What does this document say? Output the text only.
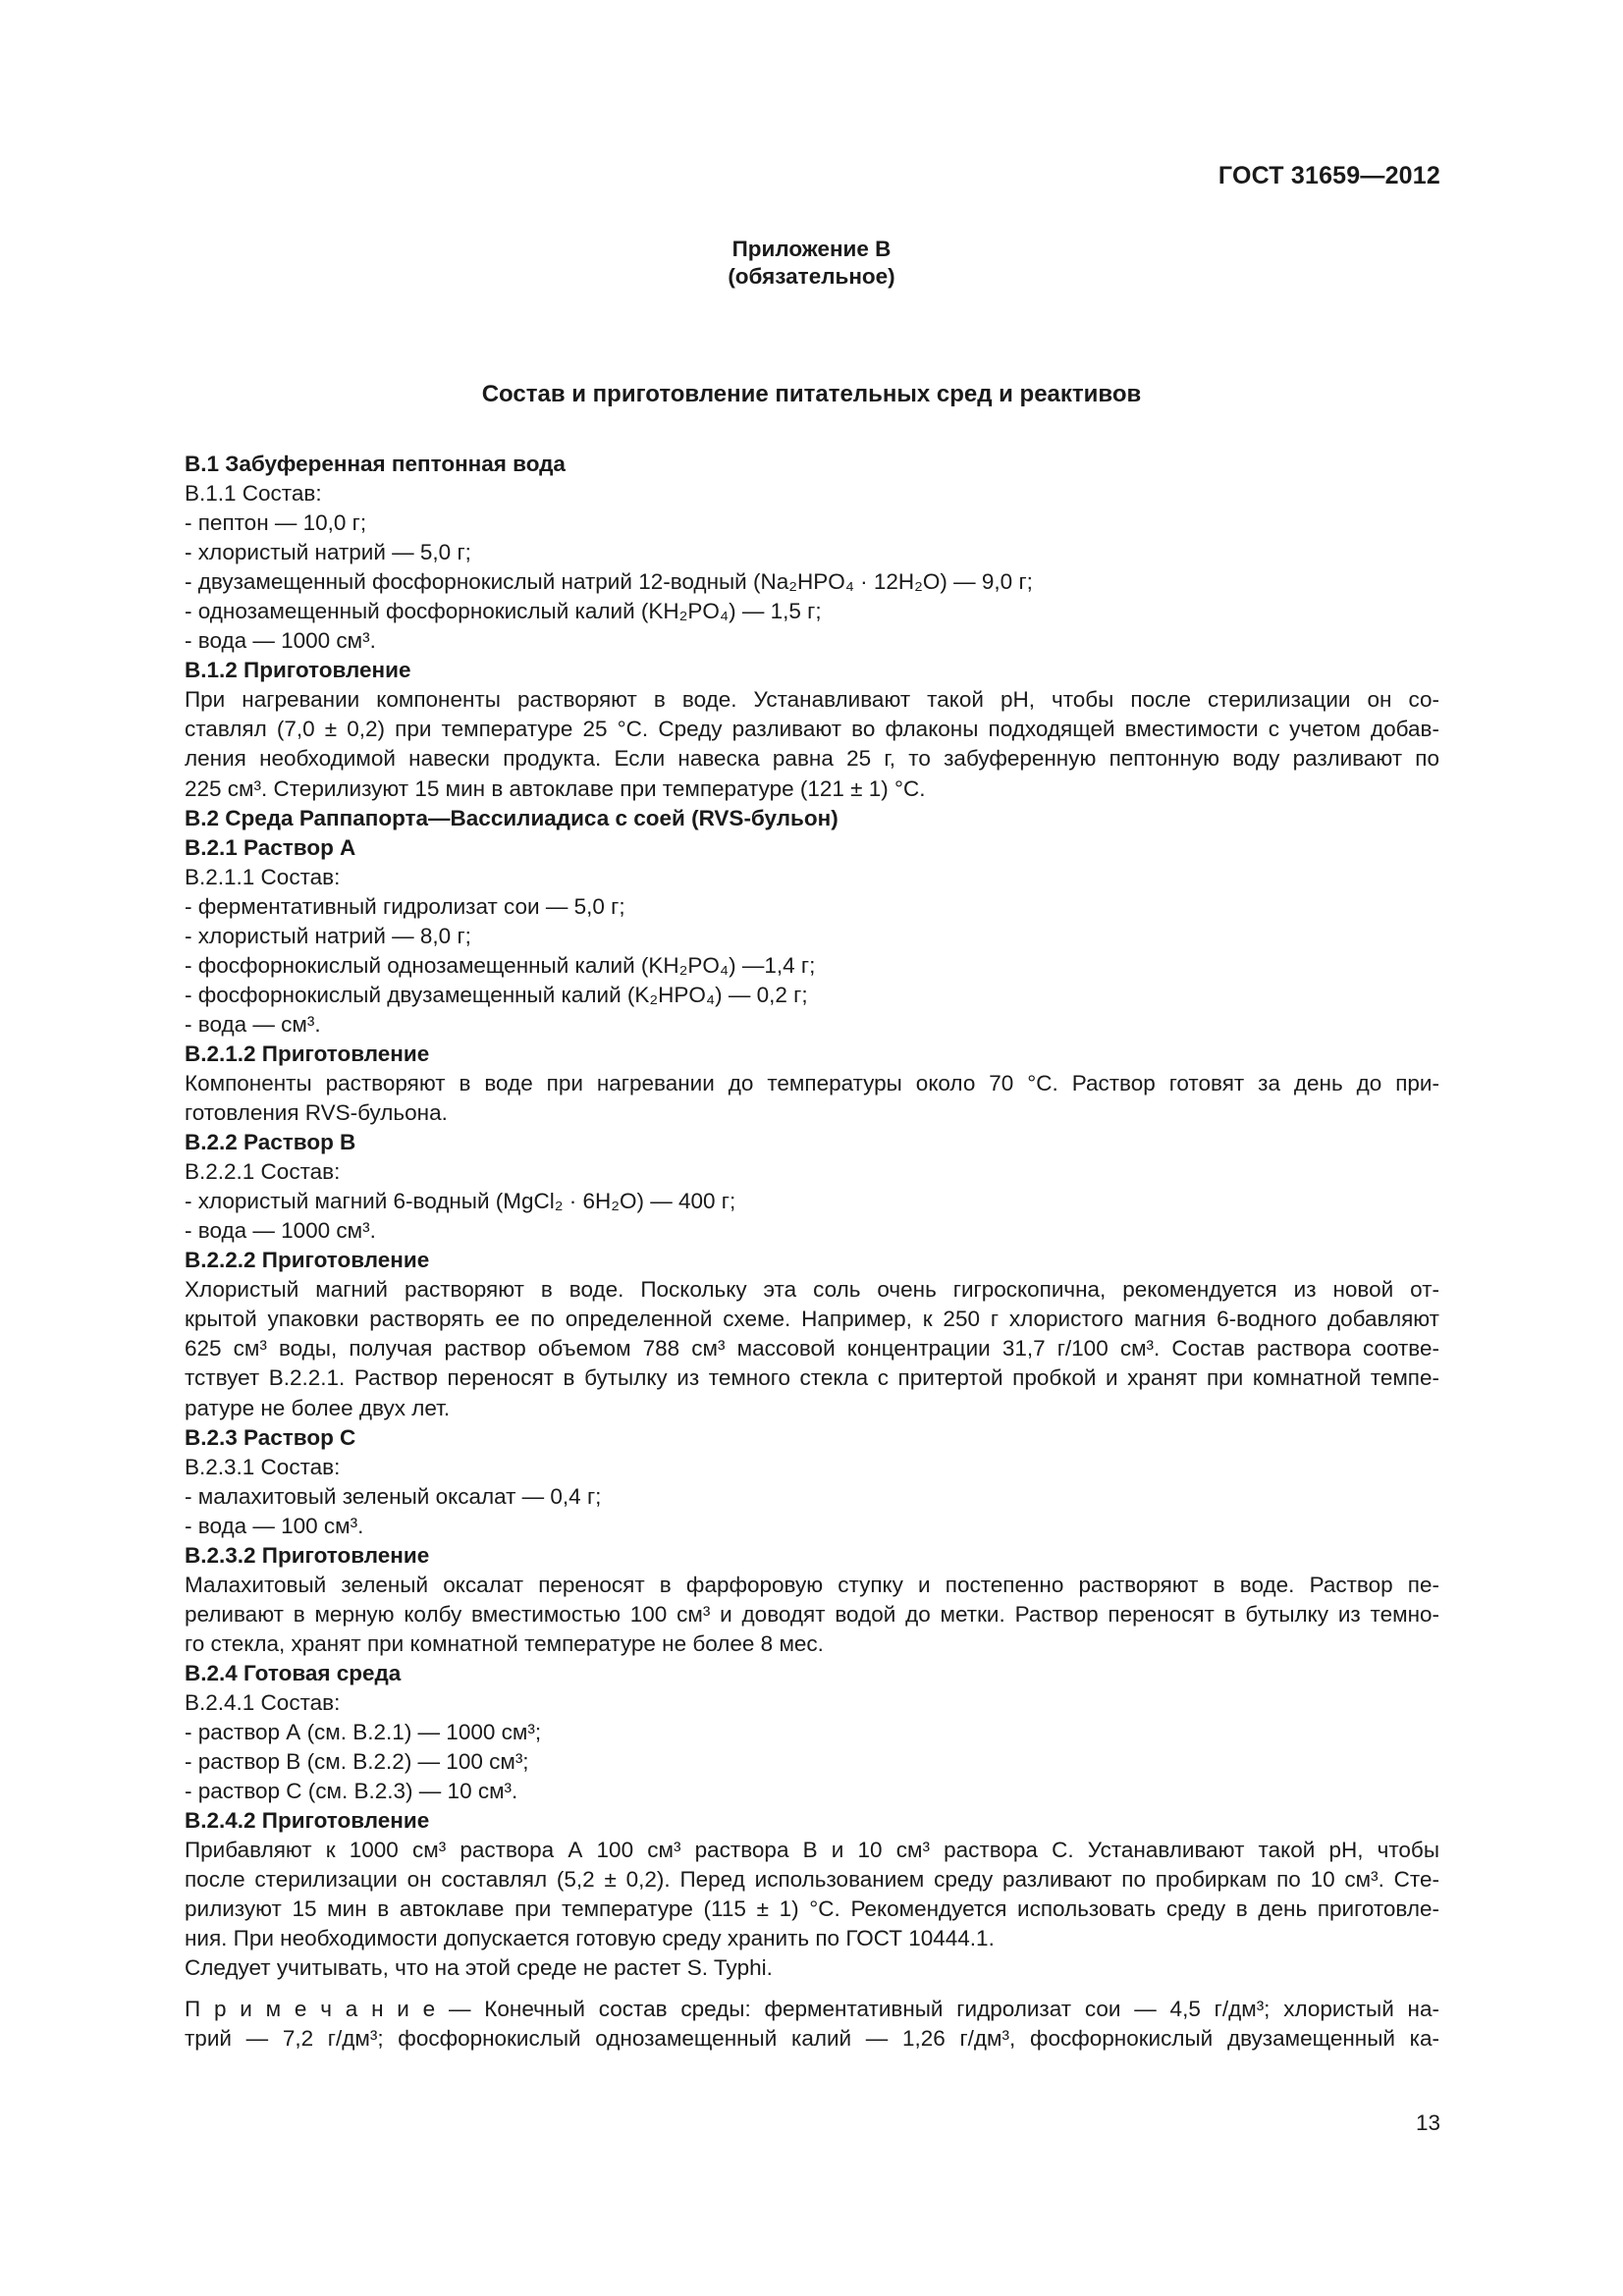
ГОСТ 31659—2012
Приложение В
(обязательное)
Состав и приготовление питательных сред и реактивов

В.1 Забуференная пептонная вода

В.1.1 Состав:

- пептон — 10,0 г;

- хлористый натрий — 5,0 г;

- двузамещенный фосфорнокислый натрий 12-водный (Na₂HPO₄ · 12H₂O) — 9,0 г;

- однозамещенный фосфорнокислый калий (KH₂PO₄) — 1,5 г;

- вода — 1000 см³.

В.1.2 Приготовление

При нагревании компоненты растворяют в воде. Устанавливают такой pH, чтобы после стерилизации он со-
ставлял (7,0 ± 0,2) при температуре 25 °С. Среду разливают во флаконы подходящей вместимости с учетом добав-
ления необходимой навески продукта. Если навеска равна 25 г, то забуференную пептонную воду разливают по
225 см³. Стерилизуют 15 мин в автоклаве при температуре (121 ± 1) °С.

В.2 Среда Раппапорта—Вассилиадиса с соей (RVS-бульон)

В.2.1 Раствор А

В.2.1.1 Состав:

- ферментативный гидролизат сои — 5,0 г;

- хлористый натрий — 8,0 г;

- фосфорнокислый однозамещенный калий (KH₂PO₄) —1,4 г;

- фосфорнокислый двузамещенный калий (K₂HPO₄) — 0,2 г;

- вода — см³.

В.2.1.2 Приготовление

Компоненты растворяют в воде при нагревании до температуры около 70 °С. Раствор готовят за день до при-
готовления RVS-бульона.

В.2.2 Раствор В

В.2.2.1 Состав:

- хлористый магний 6-водный (MgCl₂ · 6H₂O) — 400 г;

- вода — 1000 см³.

В.2.2.2 Приготовление

Хлористый магний растворяют в воде. Поскольку эта соль очень гигроскопична, рекомендуется из новой от-
крытой упаковки растворять ее по определенной схеме. Например, к 250 г хлористого магния 6-водного добавляют
625 см³ воды, получая раствор объемом 788 см³ массовой концентрации 31,7 г/100 см³. Состав раствора соотве-
тствует В.2.2.1. Раствор переносят в бутылку из темного стекла с притертой пробкой и хранят при комнатной темпе-
ратуре не более двух лет.

В.2.3 Раствор С

В.2.3.1 Состав:

- малахитовый зеленый оксалат — 0,4 г;

- вода — 100 см³.

В.2.3.2 Приготовление

Малахитовый зеленый оксалат переносят в фарфоровую ступку и постепенно растворяют в воде. Раствор пе-
реливают в мерную колбу вместимостью 100 см³ и доводят водой до метки. Раствор переносят в бутылку из темно-
го стекла, хранят при комнатной температуре не более 8 мес.

В.2.4 Готовая среда

В.2.4.1 Состав:

- раствор А (см. В.2.1) — 1000 см³;

- раствор В (см. В.2.2) — 100 см³;

- раствор С (см. В.2.3) — 10 см³.

В.2.4.2 Приготовление

Прибавляют к 1000 см³ раствора А 100 см³ раствора В и 10 см³ раствора С. Устанавливают такой pH, чтобы
после стерилизации он составлял (5,2 ± 0,2). Перед использованием среду разливают по пробиркам по 10 см³. Сте-
рилизуют 15 мин в автоклаве при температуре (115 ± 1) °С. Рекомендуется использовать среду в день приготовле-
ния. При необходимости допускается готовую среду хранить по ГОСТ 10444.1.

Следует учитывать, что на этой среде не растет S. Typhi.

П р и м е ч а н и е — Конечный состав среды: ферментативный гидролизат сои — 4,5 г/дм³; хлористый на-
трий — 7,2 г/дм³; фосфорнокислый однозамещенный калий — 1,26 г/дм³, фосфорнокислый двузамещенный ка-
13
